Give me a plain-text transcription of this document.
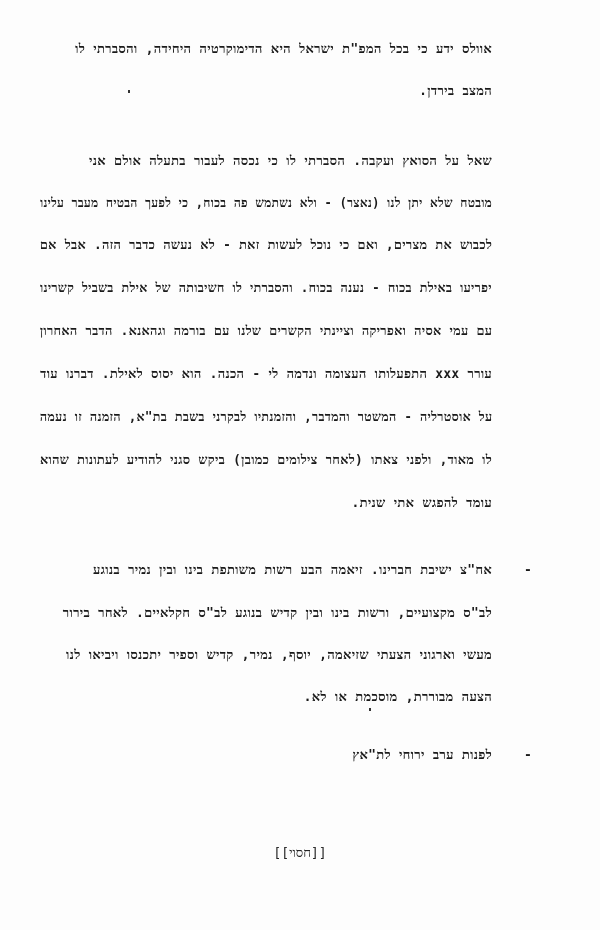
אוולס ידע כי בכל המפ"ת ישראל היא הדימוקרטיה היחידה, והסברתי לו
המצב בירדן.
שאל על הסואץ ועקבה. הסברתי לו כי נכסה לעבור בתעלה אולם אני
מובטח שלא יתן לנו (נאצר) - ולא נשתמש פה בכוח, כי לפעך הבטיח מעבר עלינו
לכבוש את מצרים, ואם כי נוכל לעשות זאת - לא נעשה כדבר הזה. אבל אם
יפריעו באילת בכוח - נענה בכוח. והסברתי לו חשיבותה של אילת בשביל קשרינו
עם עמי אסיה ואפריקה וציינתי הקשרים שלנו עם בורמה וגהאנא. הדבר האחרון
עורר xxx התפעלותו העצומה ונדמה לי - הכנה. הוא יסוס לאילת. דברנו עוד
על אוסטרליה - המשטר והמדבר, והזמנתיו לבקרני בשבת בת"א, הזמנה זו נעמה
לו מאוד, ולפני צאתו (לאחר צילומים כמובן) ביקש סגני להודיע לעתונות שהוא
עומד להפגש אתי שנית.
-
אח"צ ישיבת חברינו. זיאמה הבע רשות משותפת בינו ובין נמיר בנוגע
לב"ס מקצועיים, ורשות בינו ובין קדיש בנוגע לב"ס חקלאיים. לאחר בירור
מעשי וארגוני הצעתי שזיאמה, יוסף, נמיר, קדיש וספיר יתכנסו ויביאו לנו
הצעה מבוררת, מוסכמת או לא.
-
לפנות ערב ירוחי לת"אץ
[[חסוי]]
